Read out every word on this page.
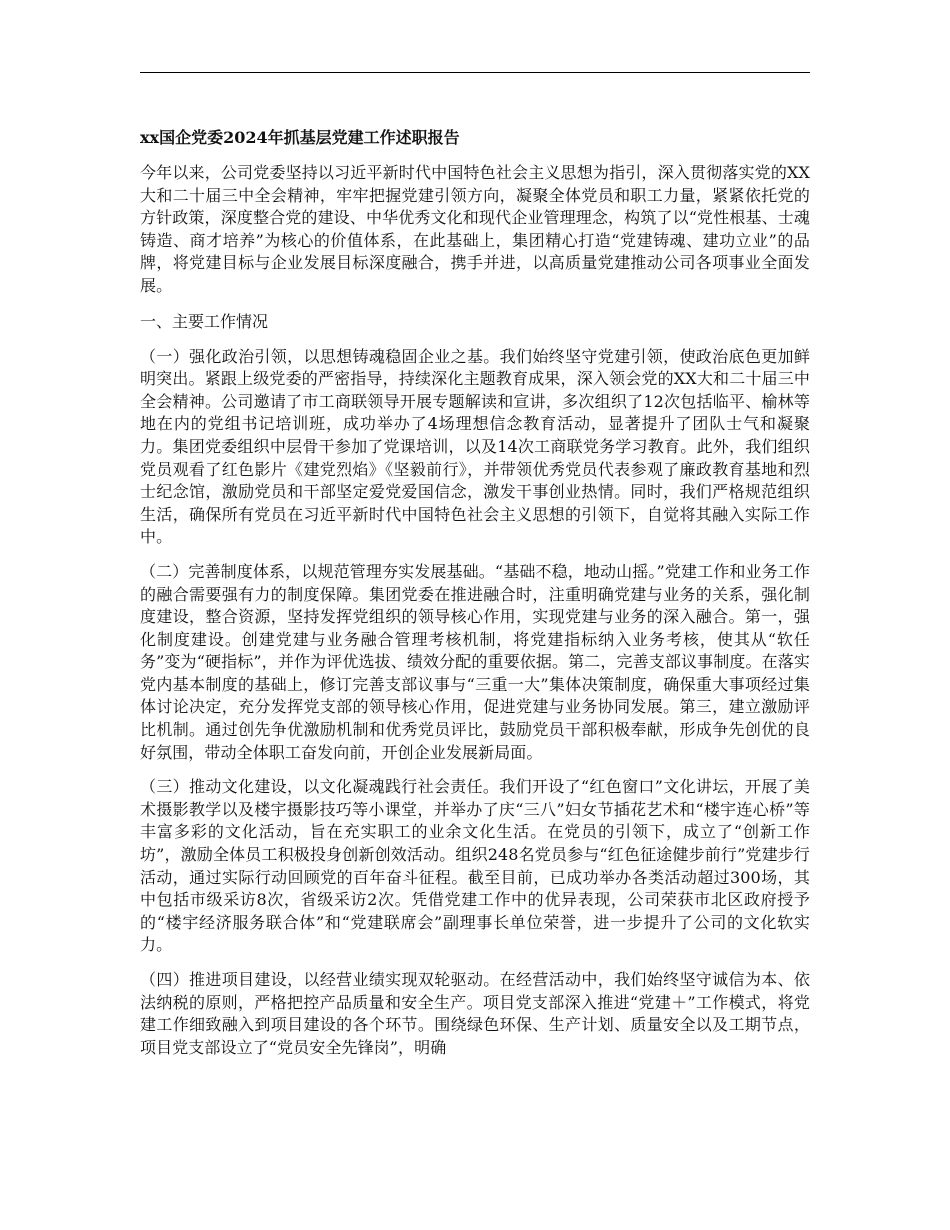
xx国企党委2024年抓基层党建工作述职报告

今年以来，公司党委坚持以习近平新时代中国特色社会主义思想为指引，深入贯彻落实党的XX大和二十届三中全会精神，牢牢把握党建引领方向，凝聚全体党员和职工力量，紧紧依托党的方针政策，深度整合党的建设、中华优秀文化和现代企业管理理念，构筑了以“党性根基、士魂铸造、商才培养”为核心的价值体系，在此基础上，集团精心打造“党建铸魂、建功立业”的品牌，将党建目标与企业发展目标深度融合，携手并进，以高质量党建推动公司各项事业全面发展。

一、主要工作情况

（一）强化政治引领，以思想铸魂稳固企业之基。我们始终坚守党建引领，使政治底色更加鲜明突出。紧跟上级党委的严密指导，持续深化主题教育成果，深入领会党的XX大和二十届三中全会精神。公司邀请了市工商联领导开展专题解读和宣讲，多次组织了12次包括临平、榆林等地在内的党组书记培训班，成功举办了4场理想信念教育活动，显著提升了团队士气和凝聚力。集团党委组织中层骨干参加了党课培训，以及14次工商联党务学习教育。此外，我们组织党员观看了红色影片《建党烈焰》《坚毅前行》，并带领优秀党员代表参观了廉政教育基地和烈士纪念馆，激励党员和干部坚定爱党爱国信念，激发干事创业热情。同时，我们严格规范组织生活，确保所有党员在习近平新时代中国特色社会主义思想的引领下，自觉将其融入实际工作中。

（二）完善制度体系，以规范管理夯实发展基础。“基础不稳，地动山摇。”党建工作和业务工作的融合需要强有力的制度保障。集团党委在推进融合时，注重明确党建与业务的关系，强化制度建设，整合资源，坚持发挥党组织的领导核心作用，实现党建与业务的深入融合。第一，强化制度建设。创建党建与业务融合管理考核机制，将党建指标纳入业务考核，使其从“软任务”变为“硬指标”，并作为评优选拔、绩效分配的重要依据。第二，完善支部议事制度。在落实党内基本制度的基础上，修订完善支部议事与“三重一大”集体决策制度，确保重大事项经过集体讨论决定，充分发挥党支部的领导核心作用，促进党建与业务协同发展。第三，建立激励评比机制。通过创先争优激励机制和优秀党员评比，鼓励党员干部积极奉献，形成争先创优的良好氛围，带动全体职工奋发向前，开创企业发展新局面。

（三）推动文化建设，以文化凝魂践行社会责任。我们开设了“红色窗口”文化讲坛，开展了美术摄影教学以及楼宇摄影技巧等小课堂，并举办了庆“三八”妇女节插花艺术和“楼宇连心桥”等丰富多彩的文化活动，旨在充实职工的业余文化生活。在党员的引领下，成立了“创新工作坊”，激励全体员工积极投身创新创效活动。组织248名党员参与“红色征途健步前行”党建步行活动，通过实际行动回顾党的百年奋斗征程。截至目前，已成功举办各类活动超过300场，其中包括市级采访8次，省级采访2次。凭借党建工作中的优异表现，公司荣获市北区政府授予的“楼宇经济服务联合体”和“党建联席会”副理事长单位荣誉，进一步提升了公司的文化软实力。

（四）推进项目建设，以经营业绩实现双轮驱动。在经营活动中，我们始终坚守诚信为本、依法纳税的原则，严格把控产品质量和安全生产。项目党支部深入推进“党建＋”工作模式，将党建工作细致融入到项目建设的各个环节。围绕绿色环保、生产计划、质量安全以及工期节点，项目党支部设立了“党员安全先锋岗”，明确
